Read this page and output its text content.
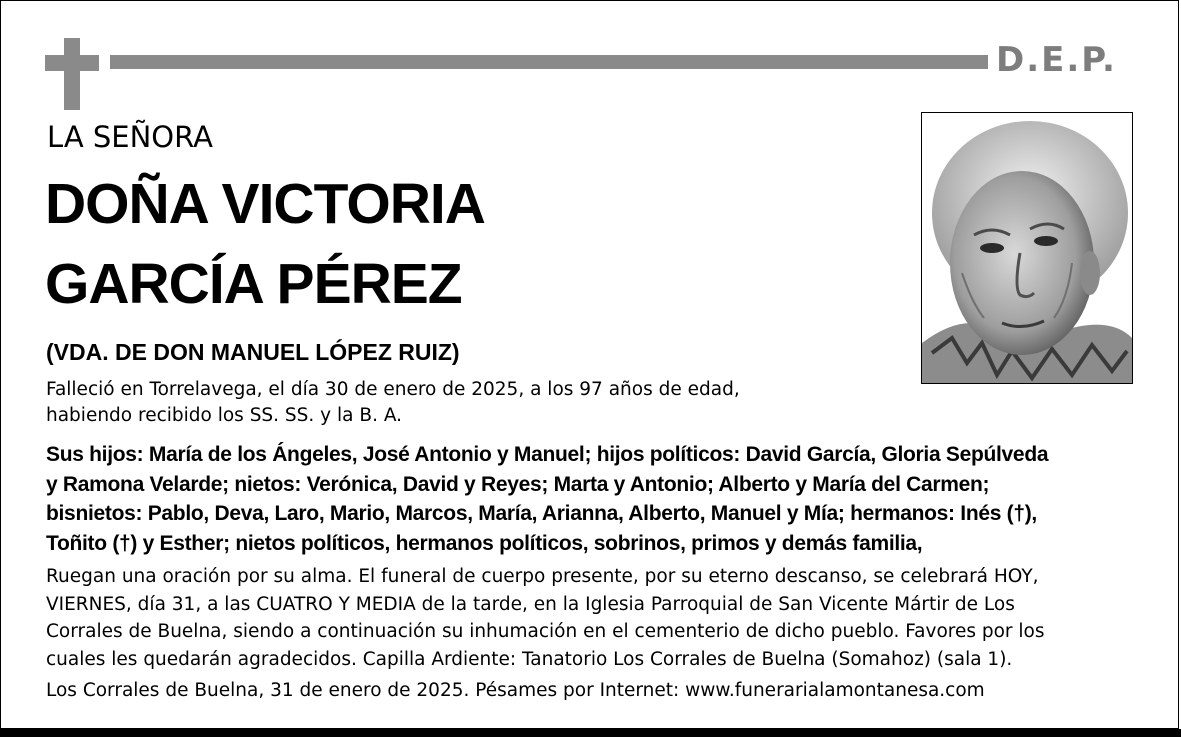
D.E.P.
LA SEÑORA
DOÑA VICTORIA
GARCÍA PÉREZ
(VDA. DE DON MANUEL LÓPEZ RUIZ)

Falleció en Torrelavega, el día 30 de enero de 2025, a los 97 años de edad,

habiendo recibido los SS. SS. y la B. A.

Sus hijos: María de los Ángeles, José Antonio y Manuel; hijos políticos: David García, Gloria Sepúlveda

y Ramona Velarde; nietos: Verónica, David y Reyes; Marta y Antonio; Alberto y María del Carmen;

bisnietos: Pablo, Deva, Laro, Mario, Marcos, María, Arianna, Alberto, Manuel y Mía; hermanos: Inés (†),

Toñito (†) y Esther; nietos políticos, hermanos políticos, sobrinos, primos y demás familia,

Ruegan una oración por su alma. El funeral de cuerpo presente, por su eterno descanso, se celebrará HOY,

VIERNES, día 31, a las CUATRO Y MEDIA de la tarde, en la Iglesia Parroquial de San Vicente Mártir de Los

Corrales de Buelna, siendo a continuación su inhumación en el cementerio de dicho pueblo. Favores por los

cuales les quedarán agradecidos. Capilla Ardiente: Tanatorio Los Corrales de Buelna (Somahoz) (sala 1).

Los Corrales de Buelna, 31 de enero de 2025. Pésames por Internet: www.funerarialamontanesa.com
